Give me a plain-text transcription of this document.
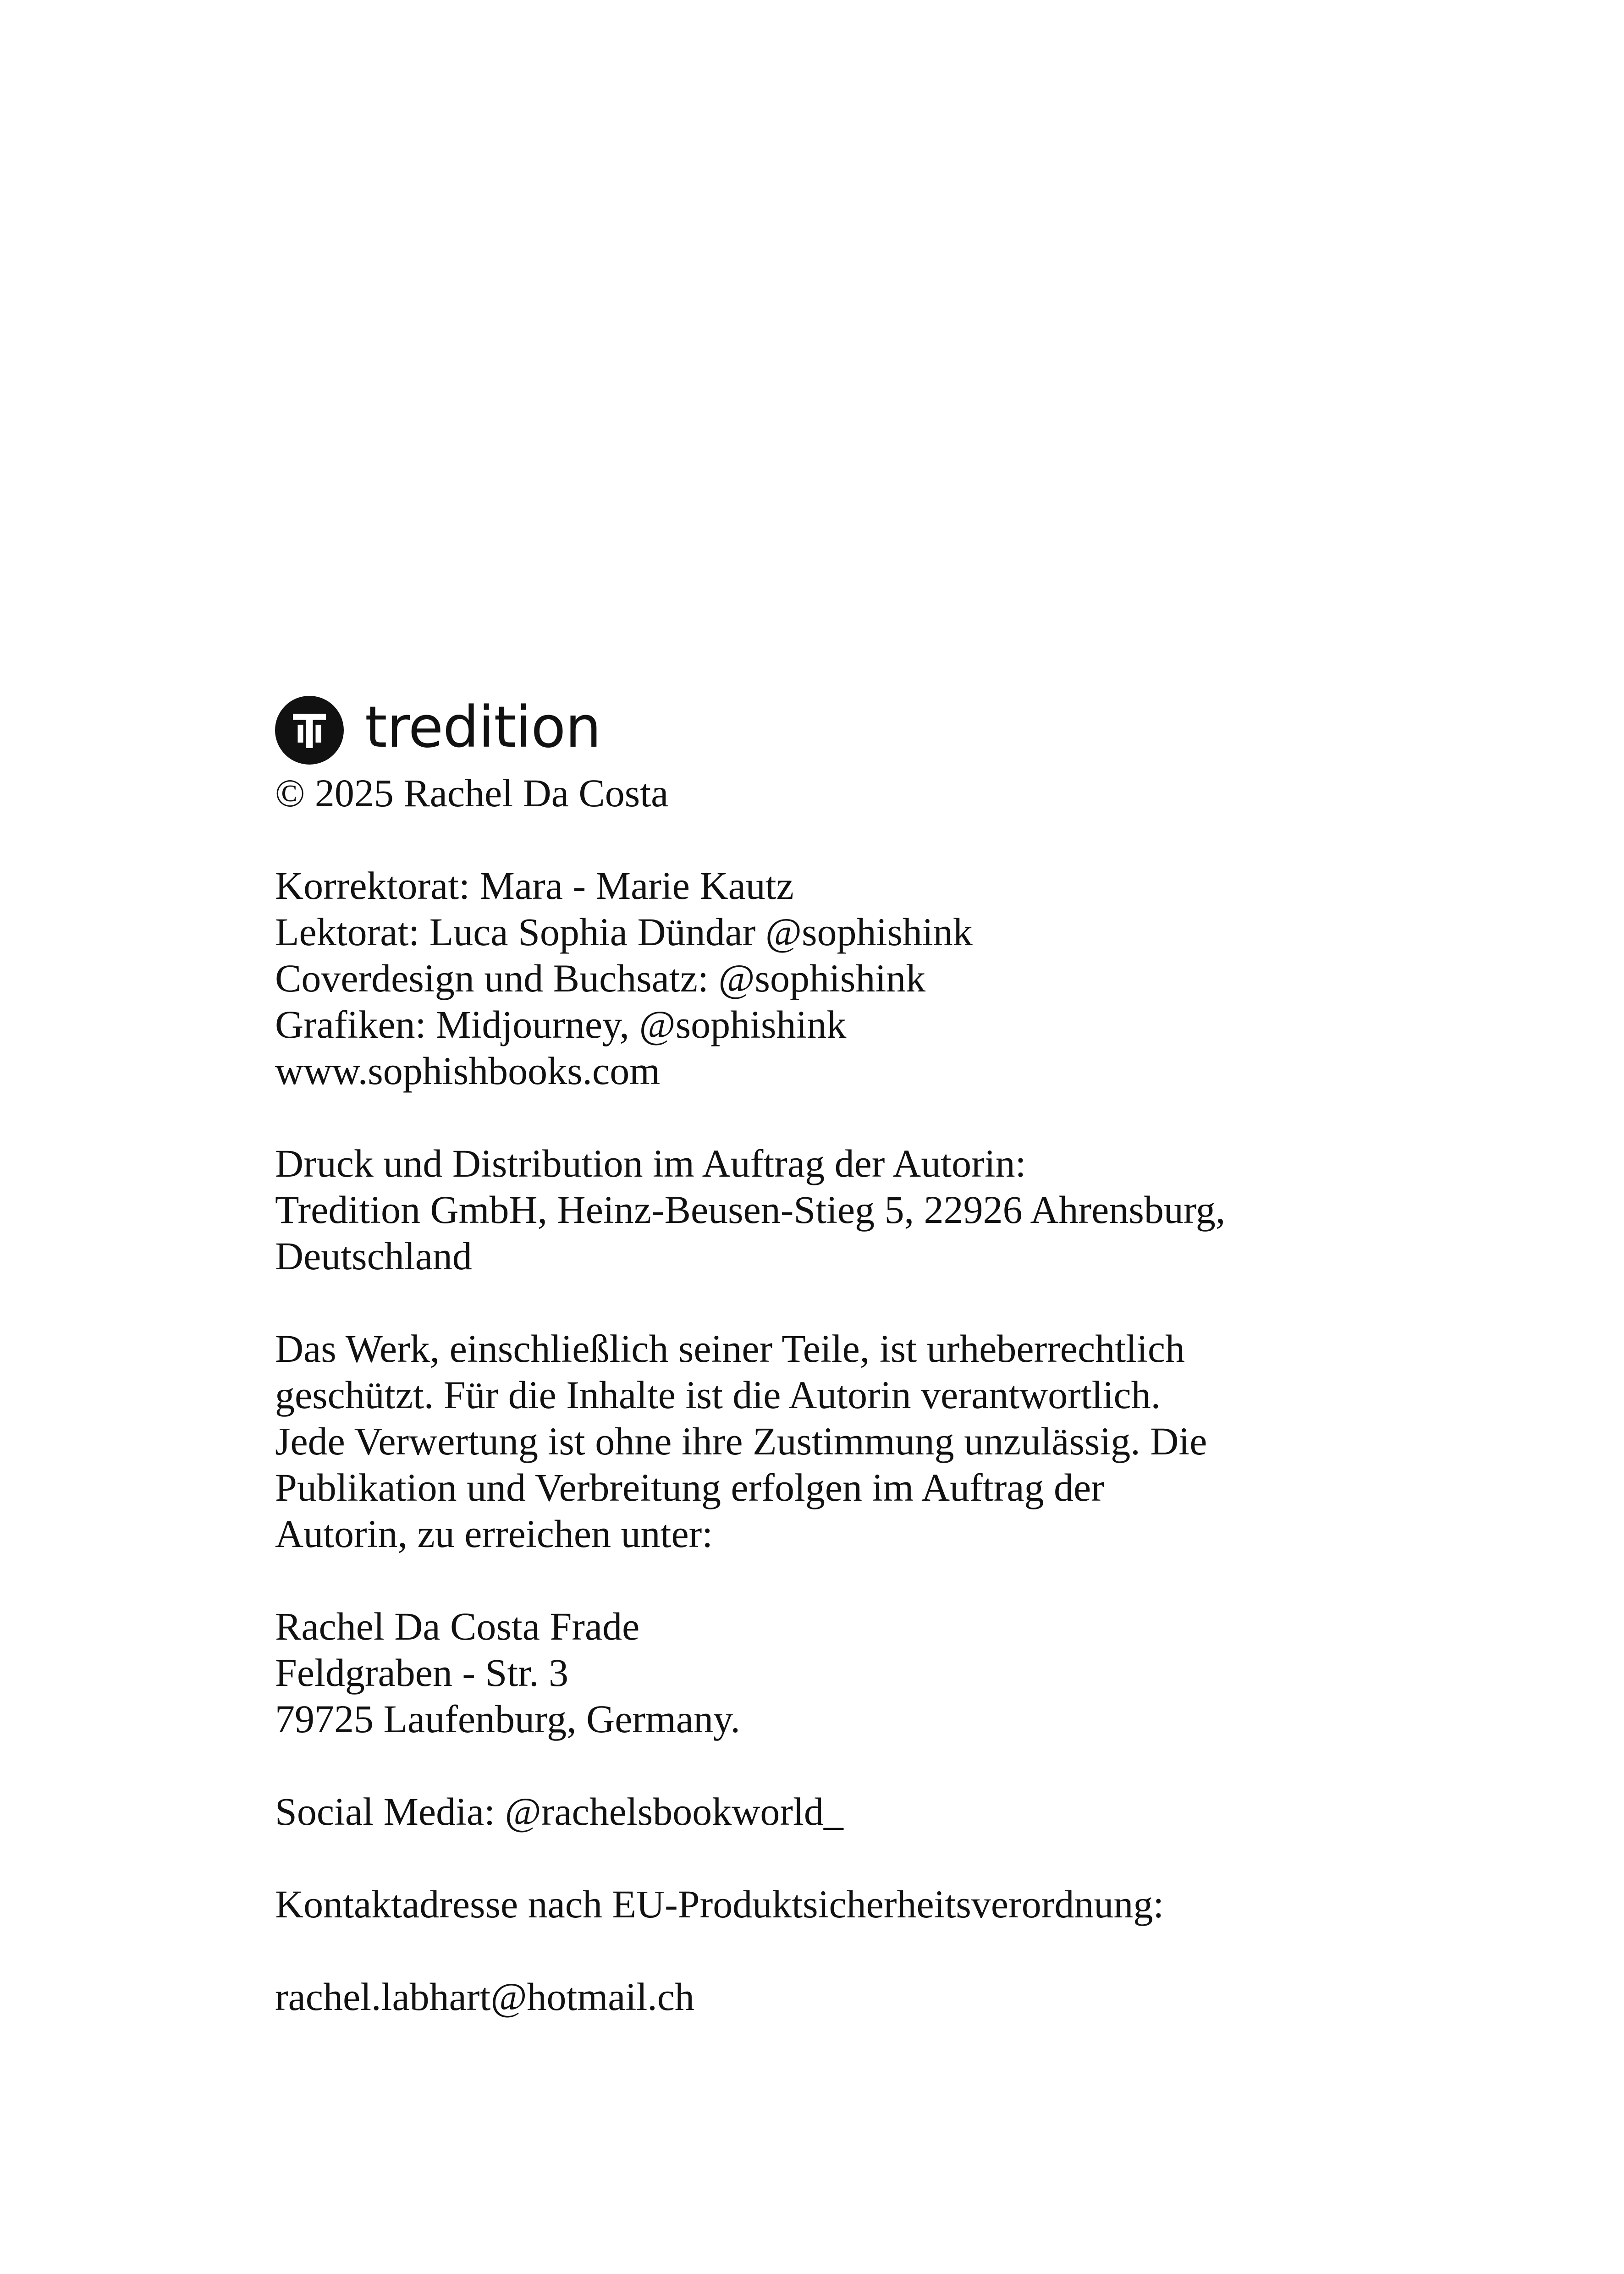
tredition
© 2025 Rachel Da Costa
Korrektorat: Mara - Marie Kautz
Lektorat: Luca Sophia Dündar @sophishink
Coverdesign und Buchsatz: @sophishink
Grafiken: Midjourney, @sophishink
www.sophishbooks.com
Druck und Distribution im Auftrag der Autorin:
Tredition GmbH, Heinz-Beusen-Stieg 5, 22926 Ahrensburg,
Deutschland
Das Werk, einschließlich seiner Teile, ist urheberrechtlich
geschützt. Für die Inhalte ist die Autorin verantwortlich.
Jede Verwertung ist ohne ihre Zustimmung unzulässig. Die
Publikation und Verbreitung erfolgen im Auftrag der
Autorin, zu erreichen unter:
Rachel Da Costa Frade
Feldgraben - Str. 3
79725 Laufenburg, Germany.
Social Media: @rachelsbookworld_
Kontaktadresse nach EU-Produktsicherheitsverordnung:
rachel.labhart@hotmail.ch
